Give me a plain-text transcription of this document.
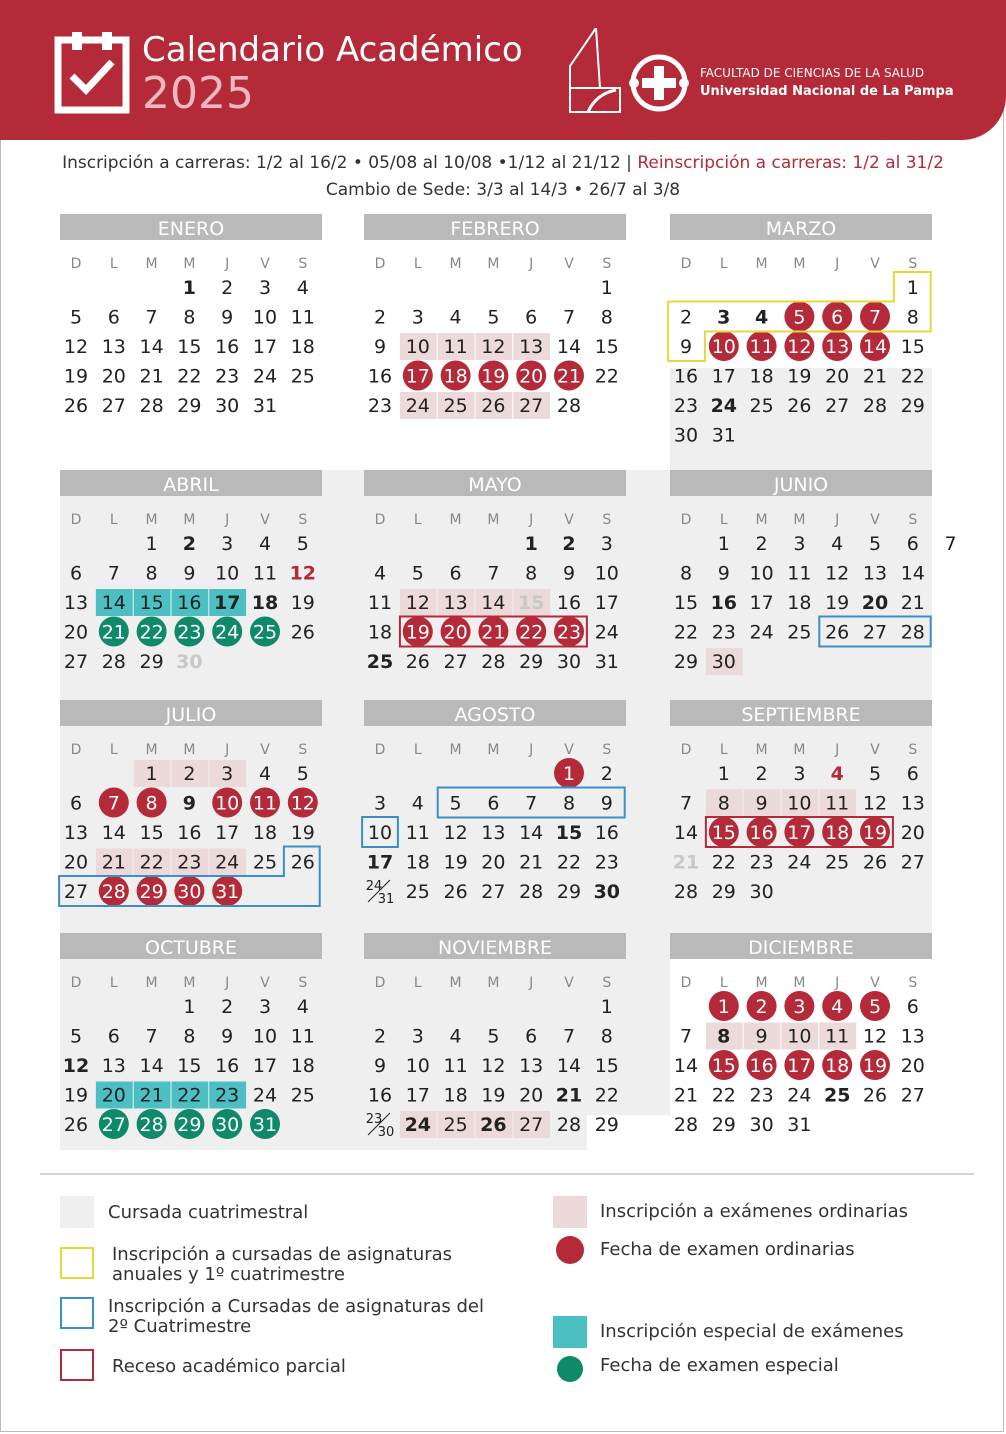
Calendario Académico
2025	FACULTAD DE CIENCIAS DE LA SALUD
Universidad Nacional de La Pampa
Inscripción a carreras: 1/2 al 16/2 • 05/08 al 10/08 •1/12 al 21/12 | Reinscripción a carreras: 1/2 al 31/2
Cambio de Sede: 3/3 al 14/3 • 26/7 al 3/8
ENERO
D L M M J V S
1 2 3 4
5 6 7 8 9 10 11
12 13 14 15 16 17 18
19 20 21 22 23 24 25
26 27 28 29 30 31
FEBRERO
D L M M J V S
1
2 3 4 5 6 7 8
9 10 11 12 13 14 15
16 17 18 19 20 21 22
23 24 25 26 27 28
MARZO
D L M M J V S
1
2 3 4 5 6 7 8
9 10 11 12 13 14 15
16 17 18 19 20 21 22
23 24 25 26 27 28 29
30 31
ABRIL
D L M M J V S
1 2 3 4 5
6 7 8 9 10 11 12
13 14 15 16 17 18 19
20 21 22 23 24 25 26
27 28 29 30
MAYO
D L M M J V S
1 2 3
4 5 6 7 8 9 10
11 12 13 14 15 16 17
18 19 20 21 22 23 24
25 26 27 28 29 30 31
JUNIO
D L M M J V S
1 2 3 4 5 6 7
8 9 10 11 12 13 14
15 16 17 18 19 20 21
22 23 24 25 26 27 28
29 30
JULIO
D L M M J V S
1 2 3 4 5
6 7 8 9 10 11 12
13 14 15 16 17 18 19
20 21 22 23 24 25 26
27 28 29 30 31
AGOSTO
D L M M J V S
1 2
3 4 5 6 7 8 9
10 11 12 13 14 15 16
17 18 19 20 21 22 23
24
31 25 26 27 28 29 30
SEPTIEMBRE
D L M M J V S
1 2 3 4 5 6
7 8 9 10 11 12 13
14 15 16 17 18 19 20
21 22 23 24 25 26 27
28 29 30
OCTUBRE
D L M M J V S
1 2 3 4
5 6 7 8 9 10 11
12 13 14 15 16 17 18
19 20 21 22 23 24 25
26 27 28 29 30 31
NOVIEMBRE
D L M M J V S
1
2 3 4 5 6 7 8
9 10 11 12 13 14 15
16 17 18 19 20 21 22
23
30 24 25 26 27 28 29
DICIEMBRE
D L M M J V S
1 2 3 4 5 6
7 8 9 10 11 12 13
14 15 16 17 18 19 20
21 22 23 24 25 26 27
28 29 30 31
Cursada cuatrimestral
Inscripción a cursadas de asignaturas anuales y 1º cuatrimestre
Inscripción a Cursadas de asignaturas del 2º Cuatrimestre
Receso académico parcial
Inscripción a exámenes ordinarias
Fecha de examen ordinarias
Inscripción especial de exámenes
Fecha de examen especial
